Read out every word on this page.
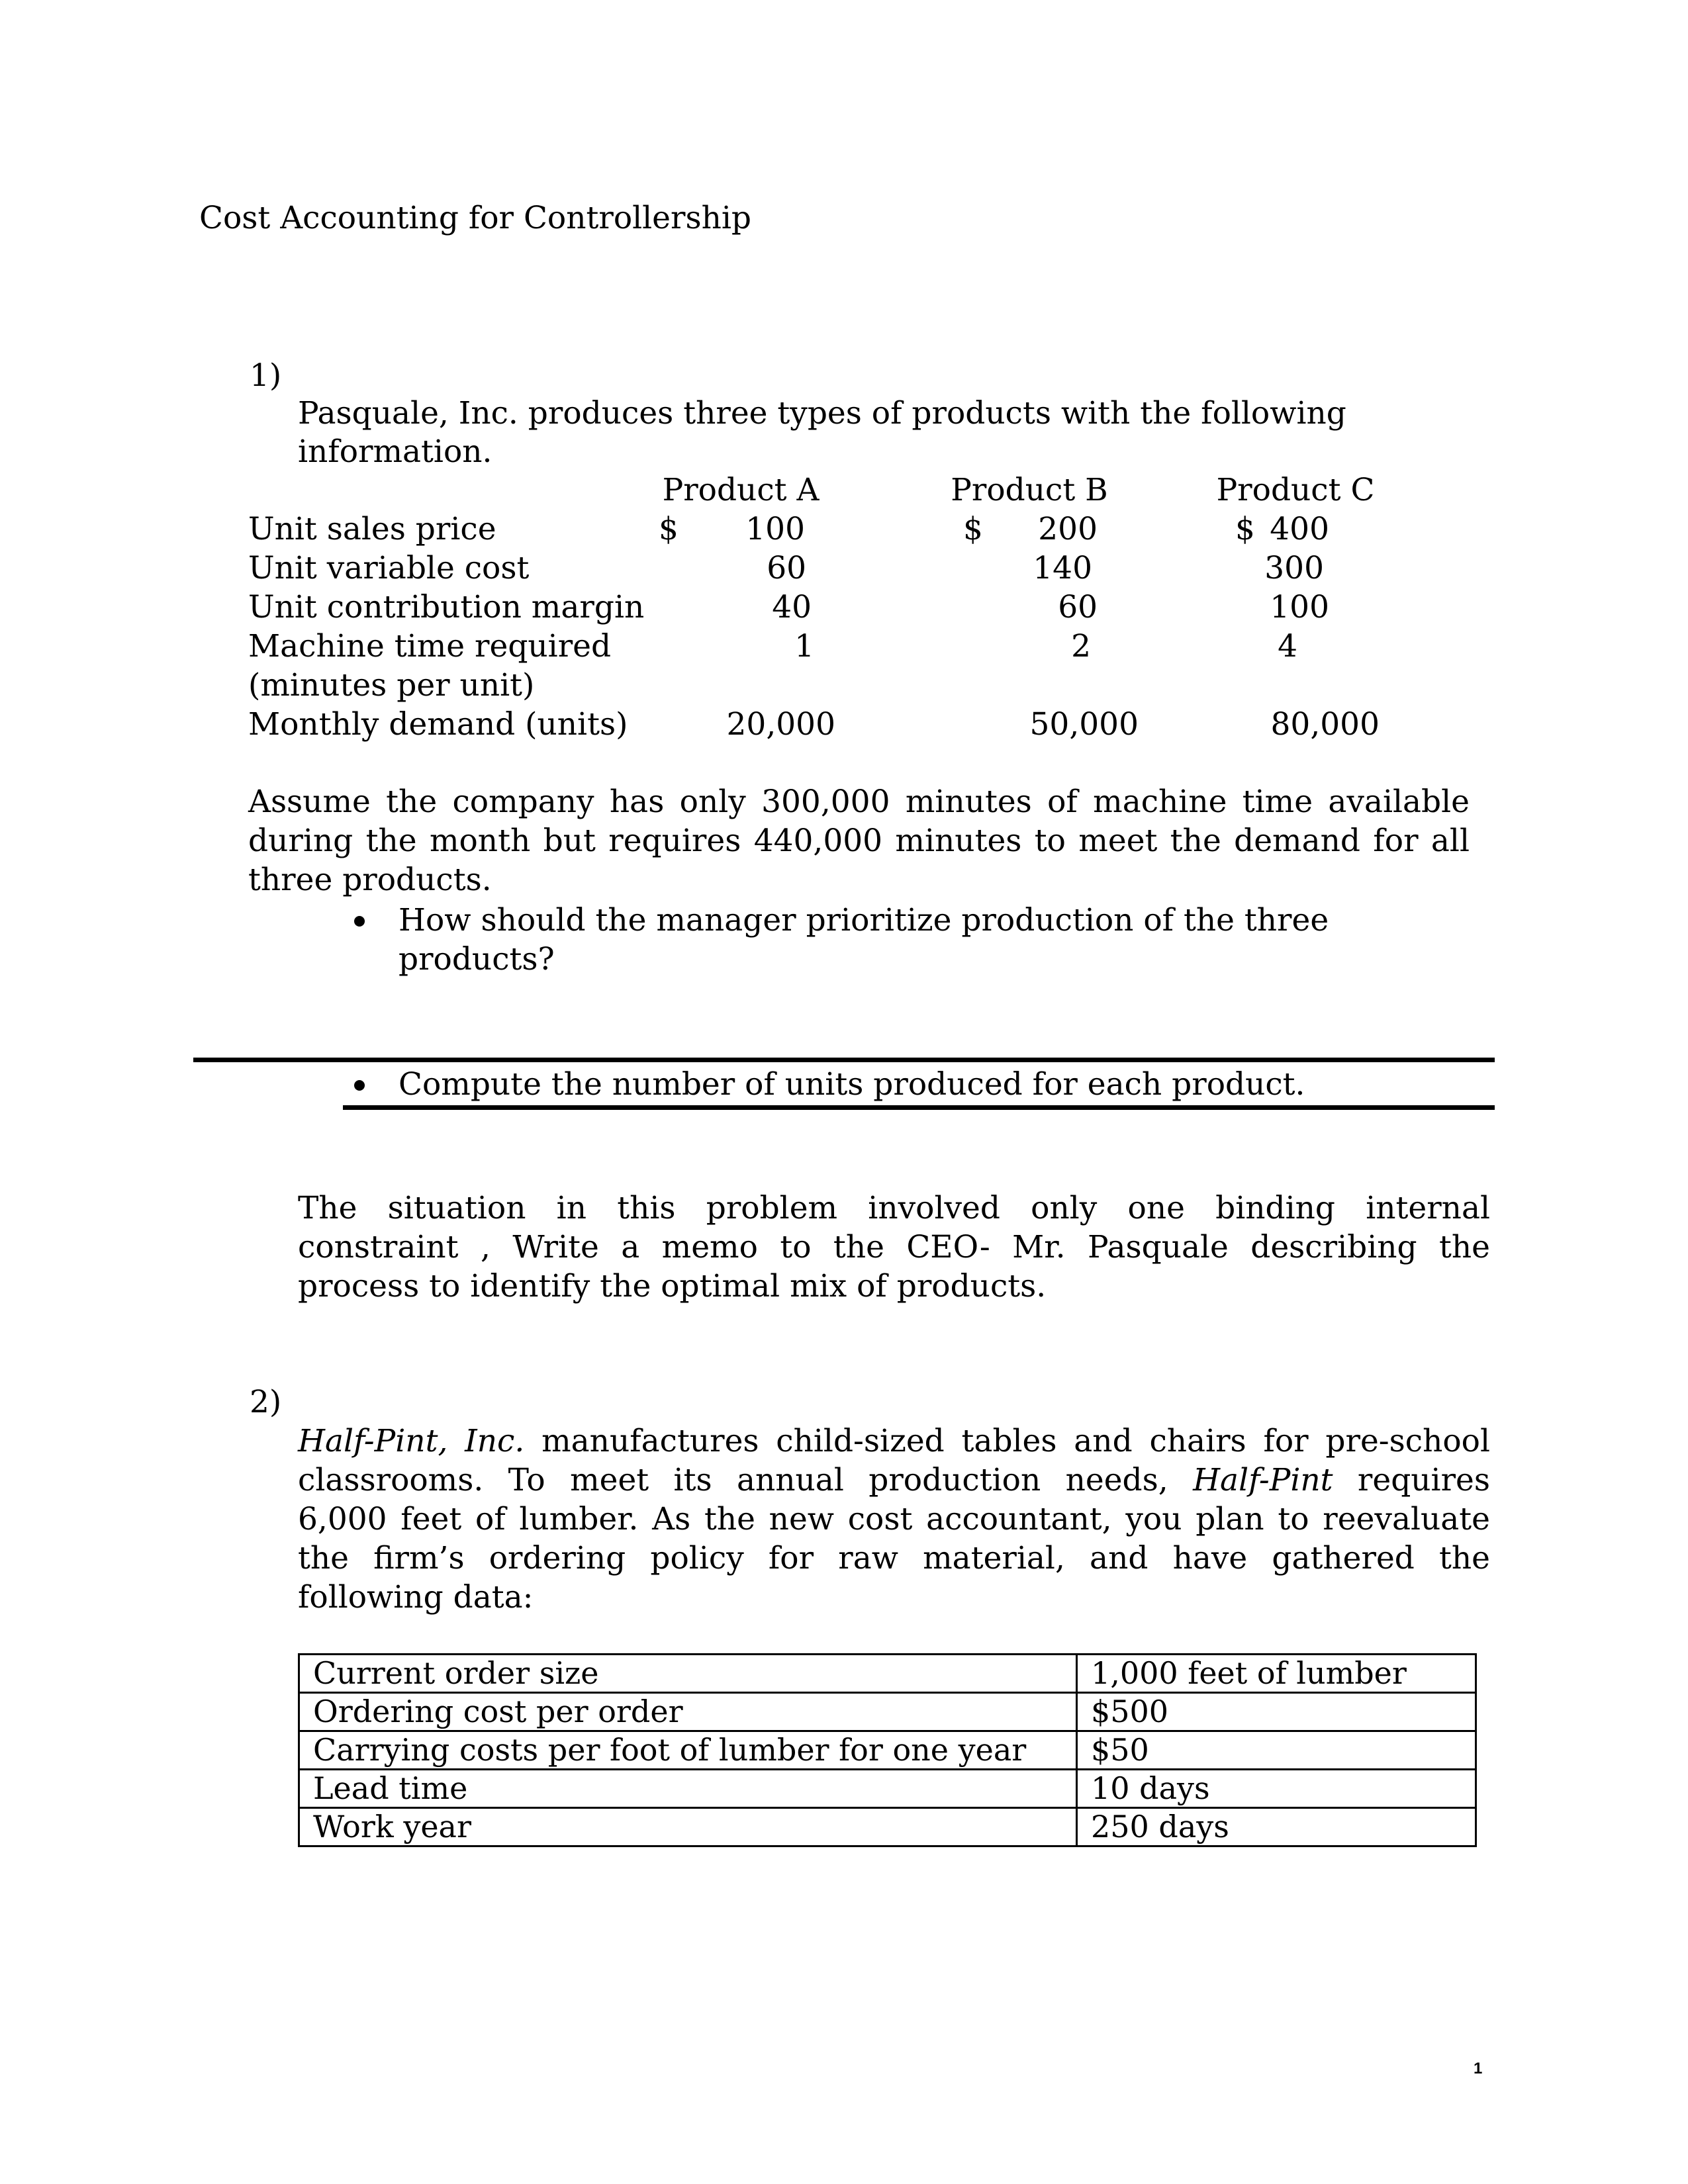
Cost Accounting for Controllership
1)
Pasquale, Inc. produces three types of products with the following
information.
Product A	Product B	Product C
Unit sales price	$	100	$	200	$ 400
Unit variable cost	60	140	300
Unit contribution margin	40	60	100
Machine time required
(minutes per unit)
1	2	4
Monthly demand (units)	20,000	50,000	80,000
Assume the company has only 300,000 minutes of machine time available
during the month but requires 440,000 minutes to meet the demand for all
three products.
How should the manager prioritize production of the three
products?
Compute the number of units produced for each product.
The situation in this problem involved only one binding internal
constraint , Write a memo to the CEO- Mr. Pasquale describing the
process to identify the optimal mix of products.
2)
Half-Pint, Inc. manufactures child-sized tables and chairs for pre-school
classrooms. To meet its annual production needs, Half-Pint requires
6,000 feet of lumber. As the new cost accountant, you plan to reevaluate
the firm’s ordering policy for raw material, and have gathered the
following data:
Current order size	1,000 feet of lumber
Ordering cost per order	$500
Carrying costs per foot of lumber for one year	$50
Lead time	10 days
Work year	250 days
1
